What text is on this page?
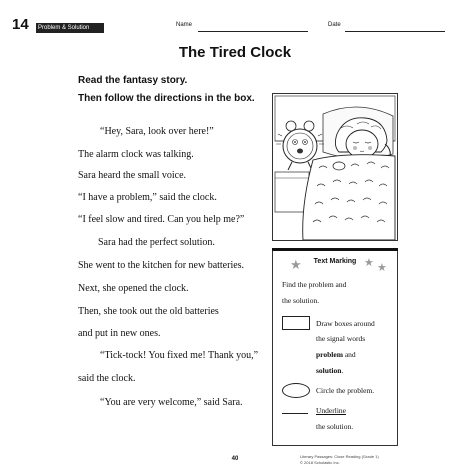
14 Problem & Solution	Name	Date
The Tired Clock
Read the fantasy story.
Then follow the directions in the box.
“Hey, Sara, look over here!”
The alarm clock was talking.
Sara heard the small voice.
“I have a problem,” said the clock.
“I feel slow and tired. Can you help me?”
Sara had the perfect solution.
She went to the kitchen for new batteries.
Next, she opened the clock.
Then, she took out the old batteries
and put in new ones.
“Tick-tock! You fixed me! Thank you,”
said the clock.
“You are very welcome,” said Sara.
★	★ ★
Text Marking
Find the problem and
the solution.
Draw boxes around
the signal words
problem and
solution.
Circle the problem.
Underline
the solution.
40	Literary Passages: Close Reading (Grade 1)
© 2018 Scholastic Inc.
